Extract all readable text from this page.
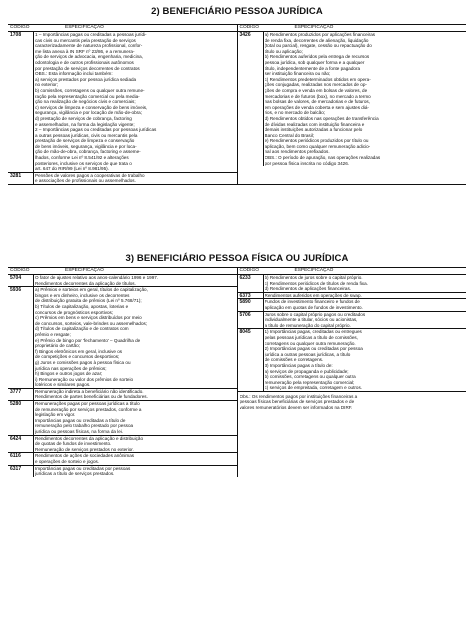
2) BENEFICIÁRIO PESSOA JURÍDICA
CÓDIGO	ESPECIFICAÇÃO
1708	1 – Importâncias pagas ou creditadas a pessoas jurídi-
cas civis ou mercantis pela prestação de serviços
caracterizadamente de natureza profissional, confor-
me lista anexa à IN SRF nº 23/86, e a remunera-
ção de serviços de advocacia, engenharia, medicina,
odontologia e de outros profissionais autônomos
por prestação de serviços decorrentes de contratos
OBS.: Esta informação inclui também:
a) serviços prestados por pessoa jurídica sediada
no exterior;
b) comissões, corretagens ou qualquer outra remune-
ração pela representação comercial ou pela media-
ção na realização de negócios civis e comerciais;
c) serviços de limpeza e conservação de bens imóveis,
segurança, vigilância e por locação de mão-de-obra;
d) prestação de serviços de cobrança, factoring
e assemelhados, na forma da legislação vigente;
2 – Importâncias pagas ou creditadas por pessoas jurídicas
a outras pessoas jurídicas, civis ou mercantis pela
prestação de serviços de limpeza e conservação
de bens imóveis, segurança, vigilância e por loca-
ção de mão-de-obra, cobrança, factoring e asseme-
lhados, conforme Lei nº 8.541/92 e alterações
posteriores, inclusive os serviços de que trata o
art. 647 do RIR/99 (Lei nº 8.981/95).
3281	Pensões de valores pagos a cooperativas de trabalho
e associações de profissionais ou assemelhados.
CÓDIGO	ESPECIFICAÇÃO
3426	a) Rendimentos produzidos por aplicações financeiras
de renda fixa, decorrentes de alienação, liquidação
(total ou parcial), resgate, cessão ou repactuação do
título ou aplicação;
b) Rendimentos auferidos pela entrega de recursos
pessoa jurídica, sob qualquer forma e a qualquer
título, independentemente de a fonte pagadora
ser instituição financeira ou não;
c) Rendimentos predeterminados obtidos em opera-
ções conjugadas, realizadas nos mercados de op-
ções de compra e venda em bolsas de valores, de
mercadorias e de futuros (box), no mercado a termo
nas bolsas de valores, de mercadorias e de futuros,
em operações de venda coberta e sem ajustes diá-
rios, e no mercado de balcão;
d) Rendimentos obtidos nas operações de transferência
de dívidas realizadas com instituição financeira e
demais instituições autorizadas a funcionar pelo
Banco Central do Brasil;
e) Rendimentos periódicos produzidos por título ou
aplicação, bem como qualquer remuneração adicio-
nal aos rendimentos prefixados.
OBS.: O período de apuração, nas operações realizadas
por pessoa física inscrita no código 3426.
3) BENEFICIÁRIO PESSOA FÍSICA OU JURÍDICA
CÓDIGO	ESPECIFICAÇÃO
5704	O fator de ajustes relativo aos anos-calendário 1996 e 1997.
Rendimentos decorrentes da aplicação de títulos.
5936	a) Prêmios e sorteios em geral, títulos de capitalização,
bingos e em dinheiro, inclusive os decorrentes
de distribuição gratuita de prêmios (Lei nº 5.768/71);
b) Títulos de capitalização, apostas, loterias e
concursos de prognósticos esportivos;
c) Prêmios em bens e serviços distribuídos por meio
de concursos, sorteios, vale-brindes ou assemelhados;
d) Títulos de capitalização e de contratos com
prêmio e resgate;
e) Prêmio de bingo por 'fechamento' – Quadrilha de
proprietário de cartão;
f) Bingos eletrônicos em geral, inclusive os
de competições e concursos desportivos;
g) Juros e comissões pagos à pessoa física ou
jurídica nas operações de prêmios;
h) Bingos e outros jogos de azar;
i) Remuneração ou valor dos prêmios de sorteio
lotéricos e similares pagos.
3777	Remuneração indireta a beneficiário não identificado.
Rendimentos de partes beneficiárias ou de fundadores.
5280	Remunerações pagas por pessoas jurídicas a título
de remuneração por serviços prestados, conforme a
legislação em vigor.
Importâncias pagas ou creditadas a título de
remuneração pelo trabalho prestado por pessoa
jurídica ou pessoas físicas, na forma da lei.
6424	Rendimentos decorrentes da aplicação e distribuição
de quotas de fundos de investimento.
Remuneração de serviços prestados no exterior.
6116	Rendimentos de ações de sociedades anônimas
e operações de sorteio e jogos.
6317	Importâncias pagas ou creditadas por pessoas
jurídicas a título de serviços prestados.
CÓDIGO	ESPECIFICAÇÃO
6233	b) Rendimentos de juros sobre o capital próprio.
c) Rendimentos periódicos de títulos de renda fixa.
d) Rendimentos de aplicações financeiras.
6373	Rendimentos auferidos em operações de swap.
5890	Fundos de investimento financeiro e fundos de
aplicação em quotas de fundos de investimento.
5706	Juros sobre o capital próprio pagos ou creditados
individualmente a titular, sócios ou acionistas,
a título de remuneração do capital próprio.
8045	1) Importâncias pagas, creditadas ou entregues
pelas pessoas jurídicas a título de comissões,
corretagens ou qualquer outra remuneração.
2) Importâncias pagas ou creditadas por pessoa
jurídica a outras pessoas jurídicas, a título
de comissões e corretagens.
3) Importâncias pagas a título de:
a) serviços de propaganda e publicidade;
b) comissões, corretagens ou qualquer outra
remuneração pela representação comercial;
c) serviços de empreitada, corretagem e outros.
Obs.: Os rendimentos pagos por instituições financeiras a
pessoas físicas beneficiárias de serviços prestados e de
valores remuneratórios devem ser informados na DIRF.
